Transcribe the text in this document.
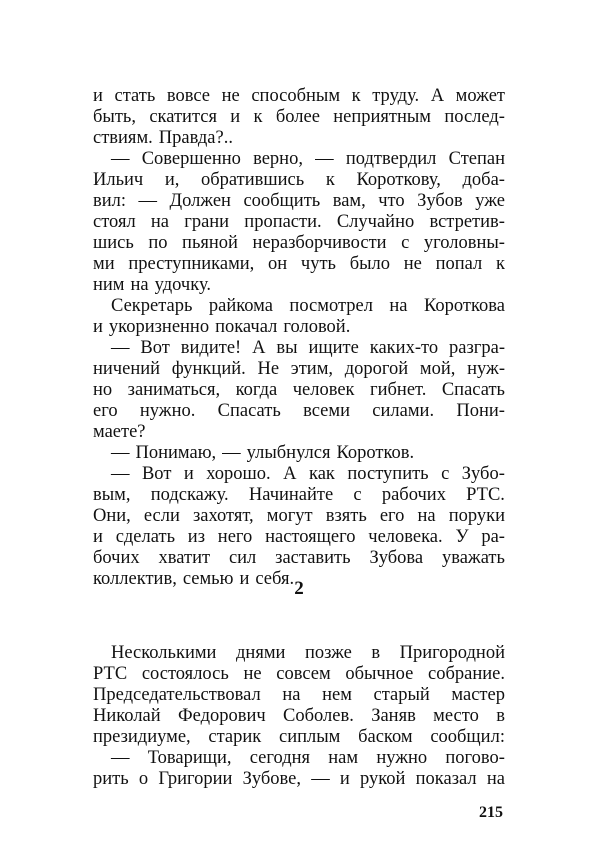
и стать вовсе не способным к труду. А может
быть, скатится и к более неприятным послед-
ствиям. Правда?..
— Совершенно верно, — подтвердил Степан
Ильич и, обратившись к Короткову, доба-
вил: — Должен сообщить вам, что Зубов уже
стоял на грани пропасти. Случайно встретив-
шись по пьяной неразборчивости с уголовны-
ми преступниками, он чуть было не попал к
ним на удочку.
Секретарь райкома посмотрел на Короткова
и укоризненно покачал головой.
— Вот видите! А вы ищите каких-то разгра-
ничений функций. Не этим, дорогой мой, нуж-
но заниматься, когда человек гибнет. Спасать
его нужно. Спасать всеми силами. Пони-
маете?
— Понимаю, — улыбнулся Коротков.
— Вот и хорошо. А как поступить с Зубо-
вым, подскажу. Начинайте с рабочих РТС.
Они, если захотят, могут взять его на поруки
и сделать из него настоящего человека. У ра-
бочих хватит сил заставить Зубова уважать
коллектив, семью и себя.
Несколькими днями позже в Пригородной
РТС состоялось не совсем обычное собрание.
Председательствовал на нем старый мастер
Николай Федорович Соболев. Заняв место в
президиуме, старик сиплым баском сообщил:
— Товарищи, сегодня нам нужно погово-
рить о Григории Зубове, — и рукой показал на
2
215
